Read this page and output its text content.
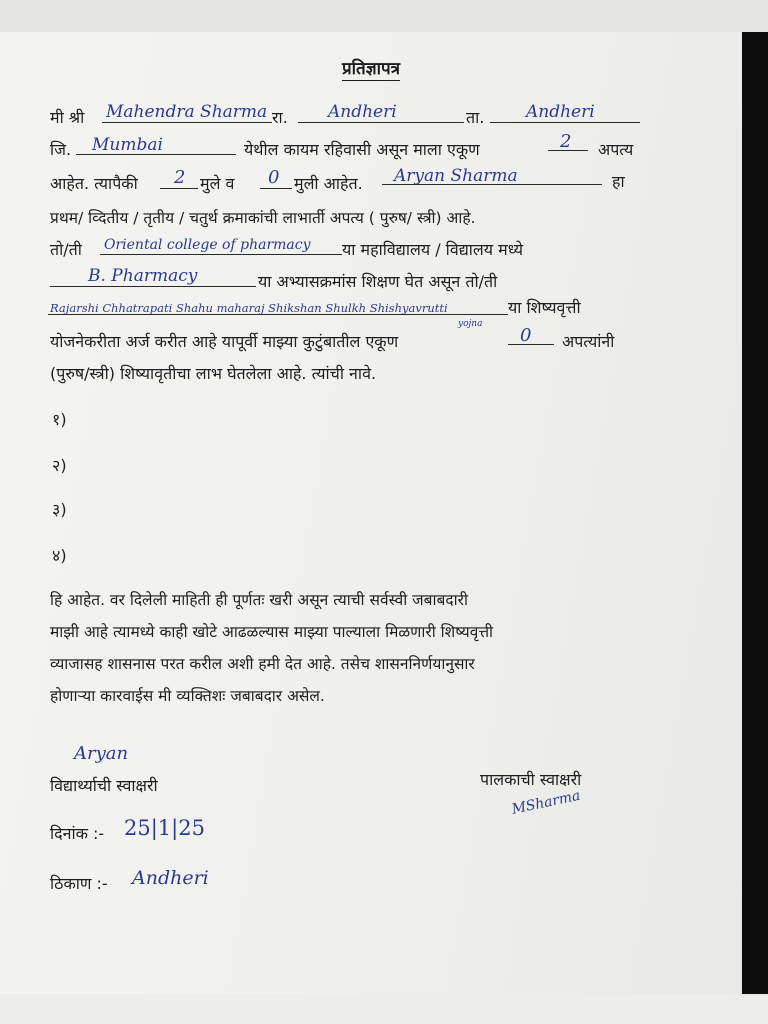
प्रतिज्ञापत्र
मी श्री Mahendra Sharma रा. Andheri	ता. Andheri
जि. Mumbai	येथील कायम रहिवासी असून माला एकूण	2 अपत्य
आहेत. त्यापैकी 2 मुले व 0 मुली आहेत. Aryan Sharma	हा
प्रथम/ व्दितीय / तृतीय / चतुर्थ क्रमाकांची लाभार्ती अपत्य ( पुरुष/ स्त्री) आहे.
तो/ती Oriental college of pharmacy या महाविद्यालय / विद्यालय मध्ये
B. Pharmacy	या अभ्यासक्रमांस शिक्षण घेत असून तो/ती
Rajarshi Chhatrapati Shahu maharaj Shikshan Shulkh Shishyavrutti
yojna
या शिष्यवृत्ती
योजनेकरीता अर्ज करीत आहे यापूर्वी माझ्या कुटुंबातील एकूण	0 अपत्यांनी
(पुरुष/स्त्री) शिष्यावृतीचा लाभ घेतलेला आहे. त्यांची नावे.
१)
२)
३)
४)
हि आहेत. वर दिलेली माहिती ही पूर्णतः खरी असून त्याची सर्वस्वी जबाबदारी
माझी आहे त्यामध्ये काही खोटे आढळल्यास माझ्या पाल्याला मिळणारी शिष्यवृत्ती
व्याजासह शासनास परत करील अशी हमी देत आहे. तसेच शासननिर्णयानुसार
होणाऱ्या कारवाईस मी व्यक्तिशः जबाबदार असेल.
Aryan
विद्यार्थ्याची स्वाक्षरी	पालकाची स्वाक्षरी
MSharma
दिनांक :- 25|1|25
ठिकाण :- Andheri
